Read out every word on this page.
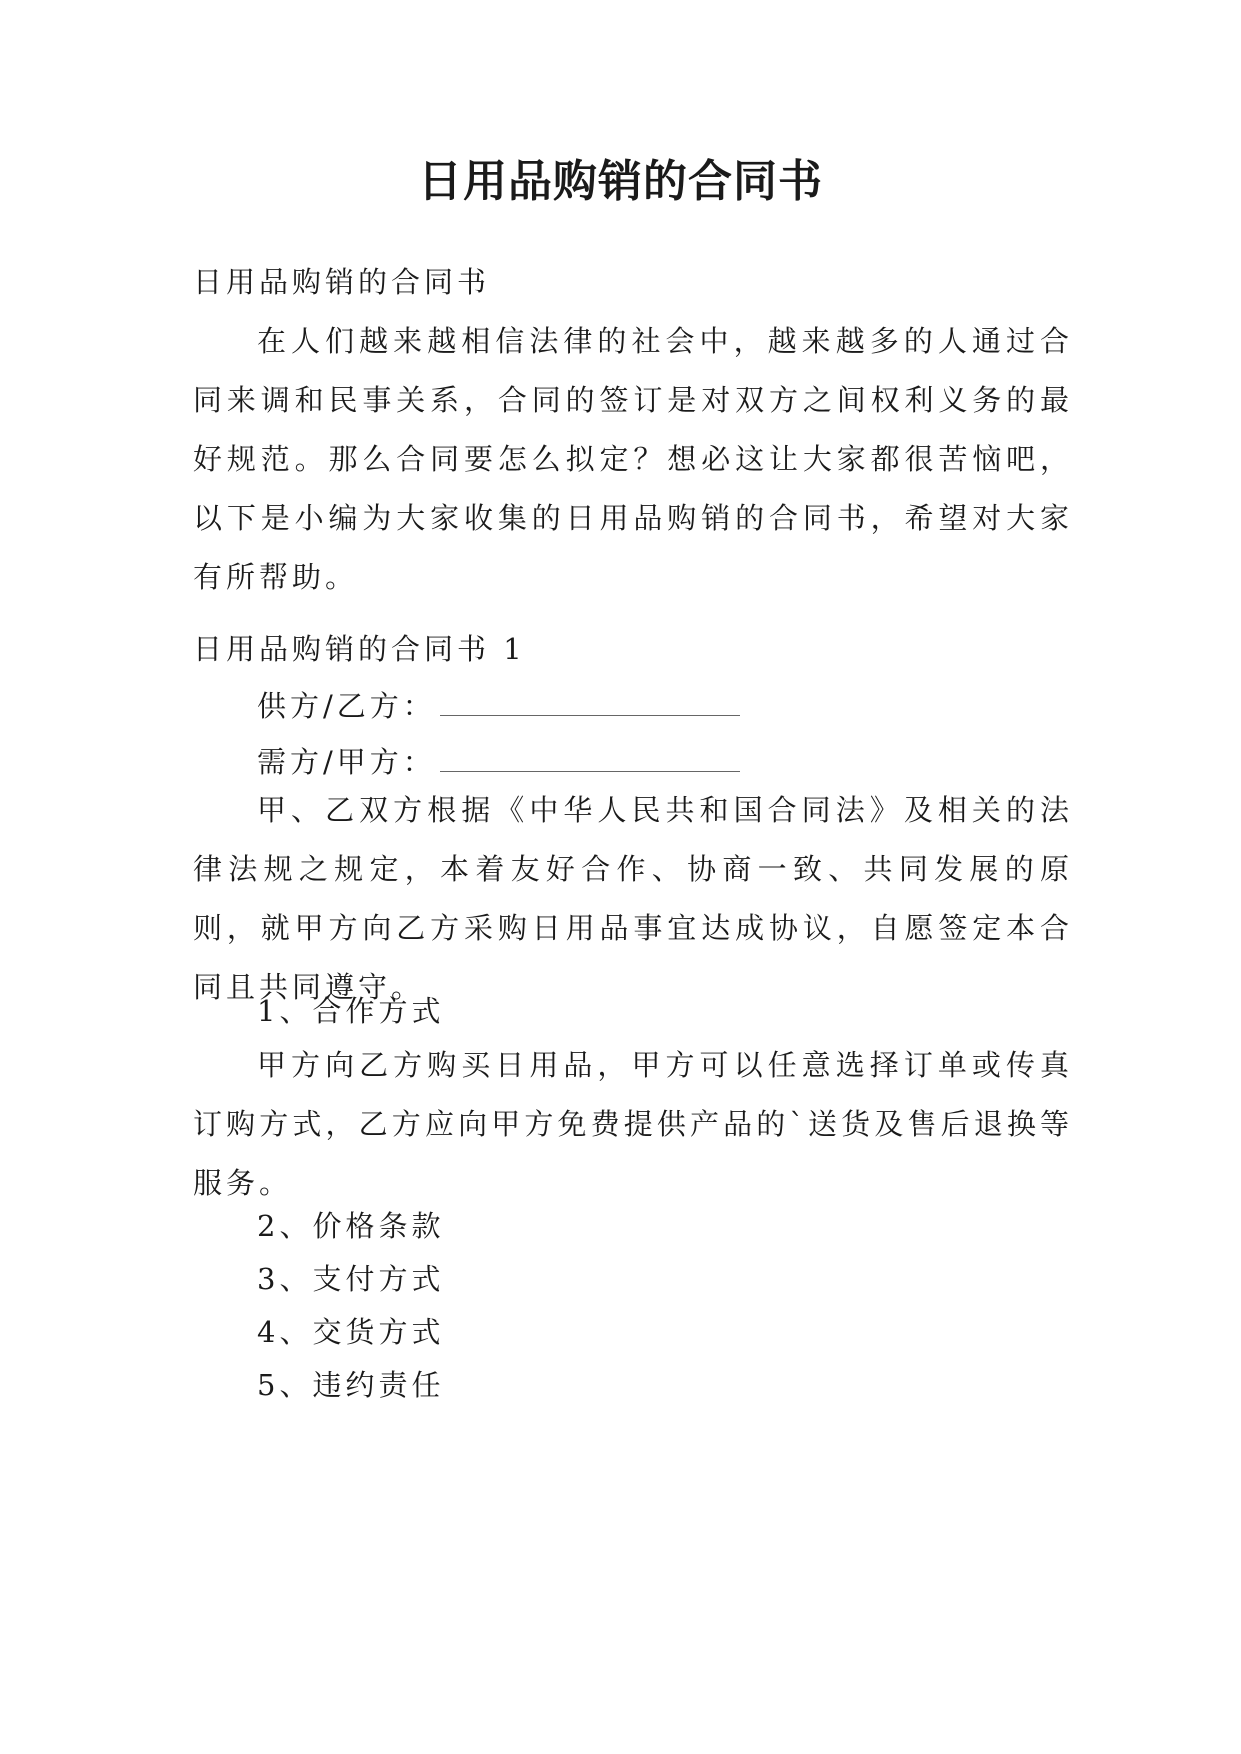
日用品购销的合同书

日用品购销的合同书

在人们越来越相信法律的社会中，越来越多的人通过合同来调和民事关系，合同的签订是对双方之间权利义务的最好规范。那么合同要怎么拟定？想必这让大家都很苦恼吧，以下是小编为大家收集的日用品购销的合同书，希望对大家有所帮助。

日用品购销的合同书 1

供方/乙方：
需方/甲方：

甲、乙双方根据《中华人民共和国合同法》及相关的法律法规之规定，本着友好合作、协商一致、共同发展的原则，就甲方向乙方采购日用品事宜达成协议，自愿签定本合同且共同遵守。

1、合作方式

甲方向乙方购买日用品，甲方可以任意选择订单或传真订购方式，乙方应向甲方免费提供产品的`送货及售后退换等服务。

2、价格条款

3、支付方式

4、交货方式

5、违约责任
